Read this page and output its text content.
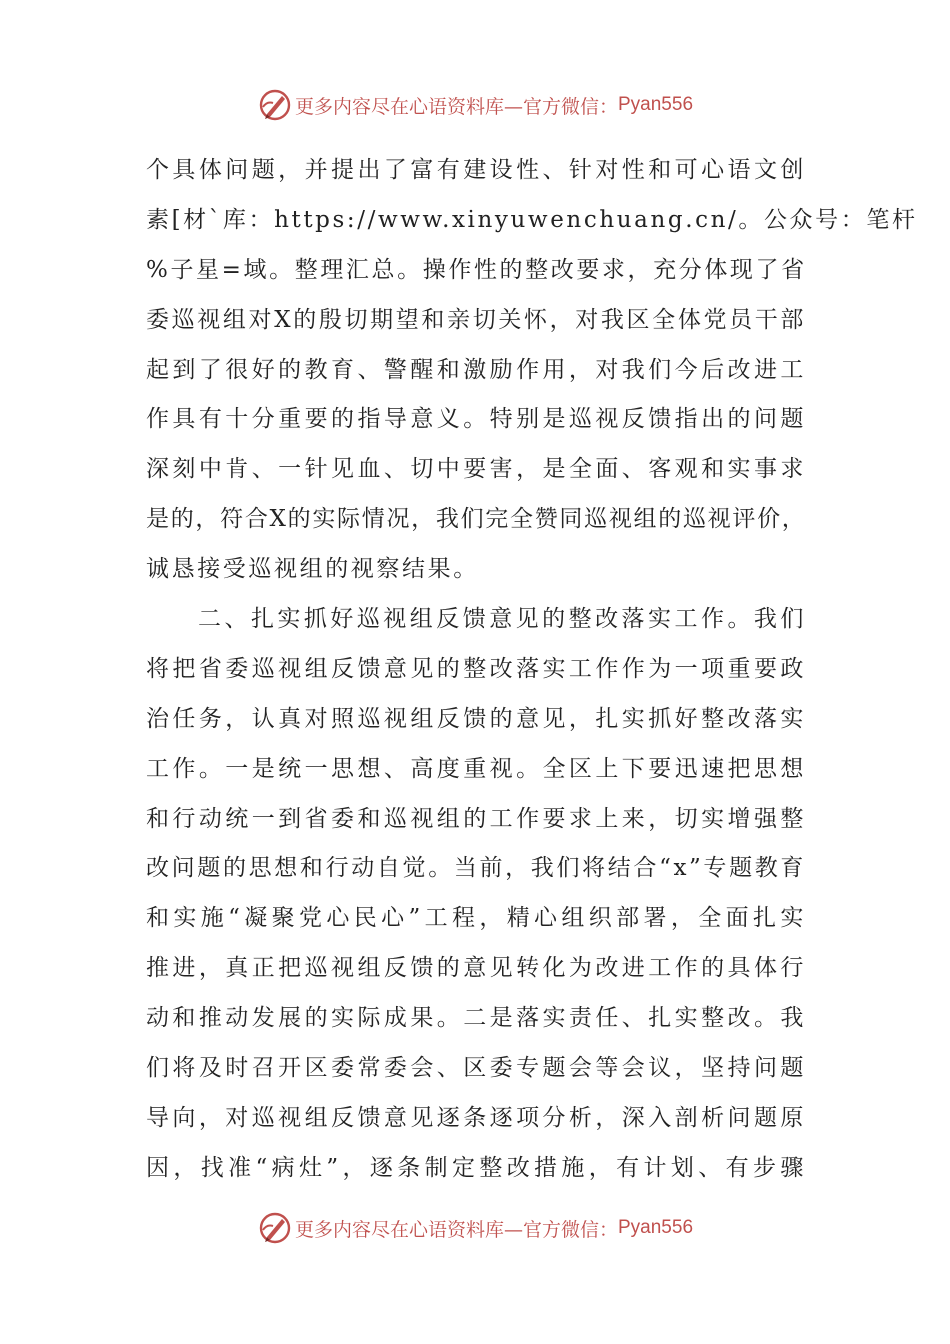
更多内容尽在心语资料库—官方微信： Pyan556
个具体问题，并提出了富有建设性、针对性和可心语文创
素[材`库：https://www.xinyuwenchuang.cn/。公众号：笔杆
%子星=域。整理汇总。操作性的整改要求，充分体现了省
委巡视组对X的殷切期望和亲切关怀，对我区全体党员干部
起到了很好的教育、警醒和激励作用，对我们今后改进工
作具有十分重要的指导意义。特别是巡视反馈指出的问题
深刻中肯、一针见血、切中要害，是全面、客观和实事求
是的，符合X的实际情况，我们完全赞同巡视组的巡视评价，
诚恳接受巡视组的视察结果。
二、扎实抓好巡视组反馈意见的整改落实工作。我们
将把省委巡视组反馈意见的整改落实工作作为一项重要政
治任务，认真对照巡视组反馈的意见，扎实抓好整改落实
工作。一是统一思想、高度重视。全区上下要迅速把思想
和行动统一到省委和巡视组的工作要求上来，切实增强整
改问题的思想和行动自觉。当前，我们将结合“x”专题教育
和实施“凝聚党心民心”工程，精心组织部署，全面扎实
推进，真正把巡视组反馈的意见转化为改进工作的具体行
动和推动发展的实际成果。二是落实责任、扎实整改。我
们将及时召开区委常委会、区委专题会等会议，坚持问题
导向，对巡视组反馈意见逐条逐项分析，深入剖析问题原
因，找准“病灶”，逐条制定整改措施，有计划、有步骤
更多内容尽在心语资料库—官方微信： Pyan556
